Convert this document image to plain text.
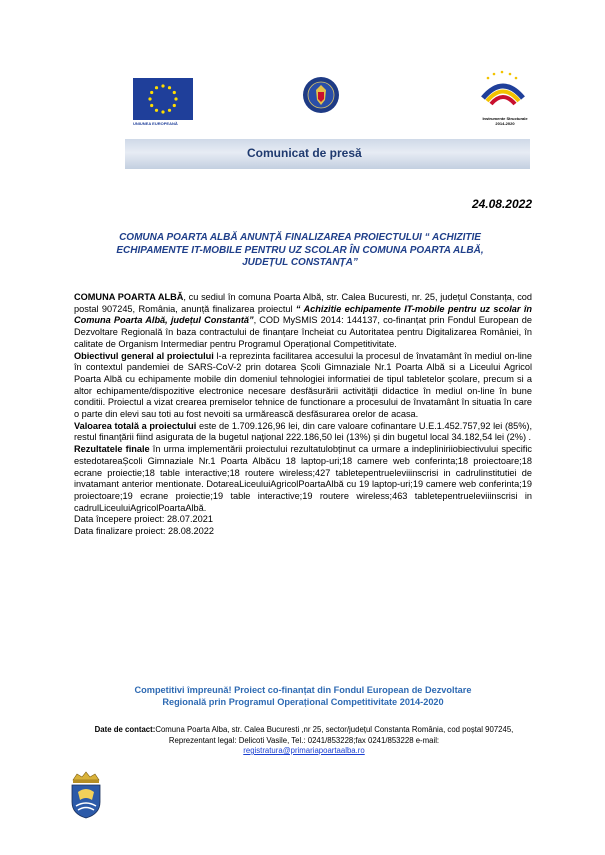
UNIUNEA EUROPEANĂ
Instrumente Structurale
2014-2020
Comunicat de presă
24.08.2022
COMUNA POARTA ALBĂ ANUNȚĂ FINALIZAREA PROIECTULUI “ ACHIZITIE ECHIPAMENTE IT-MOBILE PENTRU UZ SCOLAR ÎN COMUNA POARTA ALBĂ, JUDEȚUL CONSTANȚA”

COMUNA POARTA ALBĂ, cu sediul în comuna Poarta Albă, str. Calea Bucuresti, nr. 25, județul Constanța, cod postal 907245, România, anunță finalizarea proiectul “ Achizitie echipamente IT-mobile pentru uz scolar în Comuna Poarta Albă, județul Constantă”, COD MySMIS 2014: 144137, co-finanțat prin Fondul European de Dezvoltare Regională în baza contractului de finanțare încheiat cu Autoritatea pentru Digitalizarea României, în calitate de Organism Intermediar pentru Programul Operațional Competitivitate.

Obiectivul general al proiectului l-a reprezinta facilitarea accesului la procesul de învatamânt în mediul on-line în contextul pandemiei de SARS-CoV-2 prin dotarea Școli Gimnaziale Nr.1 Poarta Albă si a Liceului Agricol Poarta Albă cu echipamente mobile din domeniul tehnologiei informatiei de tipul tabletelor școlare, precum si a altor echipamente/dispozitive electronice necesare desfăsurării activităţii didactice în mediul on-line în bune conditii. Proiectul a vizat crearea premiselor tehnice de functionare a procesului de învatamânt în situatia în care o parte din elevi sau toti au fost nevoiti sa urmărească desfăsurarea orelor de acasa.

Valoarea totală a proiectului este de 1.709.126,96 lei, din care valoare cofinantare U.E.1.452.757,92 lei (85%), restul finanţării fiind asigurata de la bugetul naţional 222.186,50 lei (13%) și din bugetul local 34.182,54 lei (2%) .

Rezultatele finale în urma implementării proiectului rezultatulobținut ca urmare a indepliniriiobiectivului specific estedotareaȘcoli Gimnaziale Nr.1 Poarta Albăcu 18 laptop-uri;18 camere web conferinta;18 proiectoare;18 ecrane proiectie;18 table interactive;18 routere wireless;427 tabletepentrueleviiinscrisi in cadrulinstitutiei de invatamant anterior mentionate. DotareaLiceuluiAgricolPoartaAlbă cu 19 laptop-uri;19 camere web conferinta;19 proiectoare;19 ecrane proiectie;19 table interactive;19 routere wireless;463 tabletepentrueleviiinscrisi in cadrulLiceuluiAgricolPoartaAlbă.

Data începere proiect: 28.07.2021

Data finalizare proiect: 28.08.2022

Competitivi împreună! Proiect co-finanțat din Fondul European de Dezvoltare
Regională prin Programul Operațional Competitivitate 2014-2020
Date de contact:Comuna Poarta Alba, str. Calea Bucuresti ,nr 25, sector/județul Constanta România, cod poștal 907245, Reprezentant legal: Delicoti Vasile, Tel.: 0241/853228;fax 0241/853228 e-mail:
registratura@primariapoartaalba.ro
